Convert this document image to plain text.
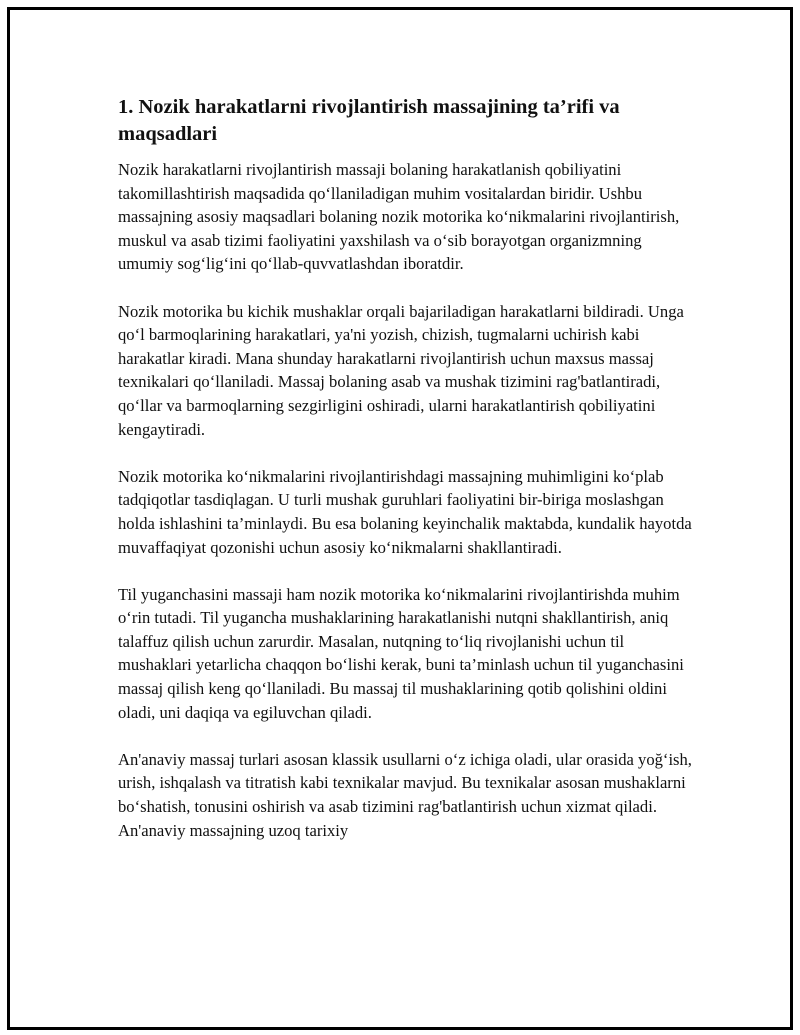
1. Nozik harakatlarni rivojlantirish massajining ta’rifi va maqsadlari

Nozik harakatlarni rivojlantirish massaji bolaning harakatlanish qobiliyatini takomillashtirish maqsadida qo‘llaniladigan muhim vositalardan biridir. Ushbu massajning asosiy maqsadlari bolaning nozik motorika ko‘nikmalarini rivojlantirish, muskul va asab tizimi faoliyatini yaxshilash va o‘sib borayotgan organizmning umumiy sog‘lig‘ini qo‘llab-quvvatlashdan iboratdir.

Nozik motorika bu kichik mushaklar orqali bajariladigan harakatlarni bildiradi. Unga qo‘l barmoqlarining harakatlari, ya'ni yozish, chizish, tugmalarni uchirish kabi harakatlar kiradi. Mana shunday harakatlarni rivojlantirish uchun maxsus massaj texnikalari qo‘llaniladi. Massaj bolaning asab va mushak tizimini rag'batlantiradi, qo‘llar va barmoqlarning sezgirligini oshiradi, ularni harakatlantirish qobiliyatini kengaytiradi.

Nozik motorika ko‘nikmalarini rivojlantirishdagi massajning muhimligini ko‘plab tadqiqotlar tasdiqlagan. U turli mushak guruhlari faoliyatini bir-biriga moslashgan holda ishlashini ta’minlaydi. Bu esa bolaning keyinchalik maktabda, kundalik hayotda muvaffaqiyat qozonishi uchun asosiy ko‘nikmalarni shakllantiradi.

Til yuganchasini massaji ham nozik motorika ko‘nikmalarini rivojlantirishda muhim o‘rin tutadi. Til yugancha mushaklarining harakatlanishi nutqni shakllantirish, aniq talaffuz qilish uchun zarurdir. Masalan, nutqning to‘liq rivojlanishi uchun til mushaklari yetarlicha chaqqon bo‘lishi kerak, buni ta’minlash uchun til yuganchasini massaj qilish keng qo‘llaniladi. Bu massaj til mushaklarining qotib qolishini oldini oladi, uni daqiqa va egiluvchan qiladi.

An'anaviy massaj turlari asosan klassik usullarni o‘z ichiga oladi, ular orasida yoğ‘ish, urish, ishqalash va titratish kabi texnikalar mavjud. Bu texnikalar asosan mushaklarni bo‘shatish, tonusini oshirish va asab tizimini rag'batlantirish uchun xizmat qiladi. An'anaviy massajning uzoq tarixiy
